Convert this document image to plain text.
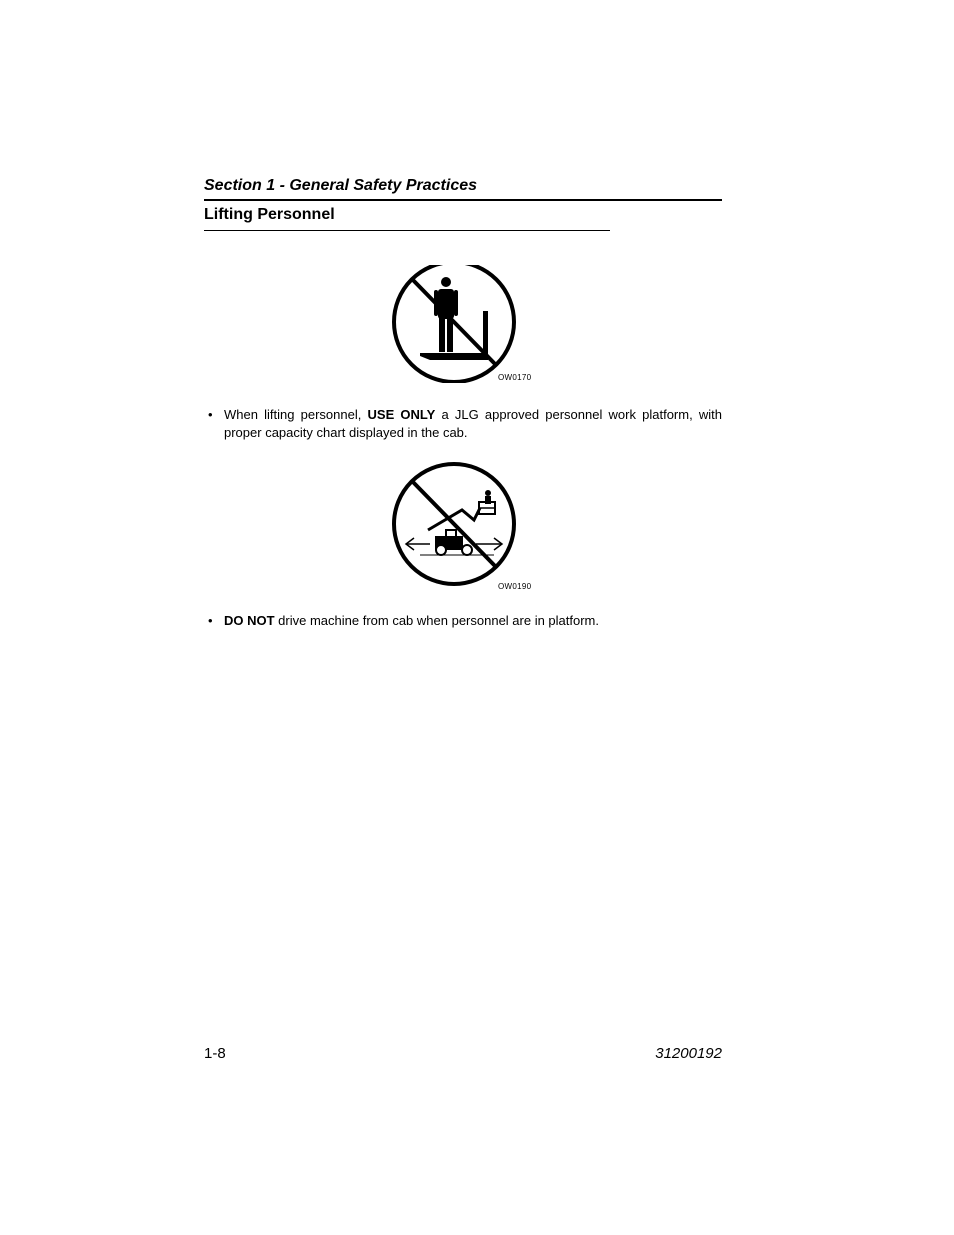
Section 1 - General Safety Practices
Lifting Personnel
OW0170
• When lifting personnel, USE ONLY a JLG approved personnel work platform, with proper capacity chart displayed in the cab.
OW0190
• DO NOT drive machine from cab when personnel are in platform.
1-8	31200192
